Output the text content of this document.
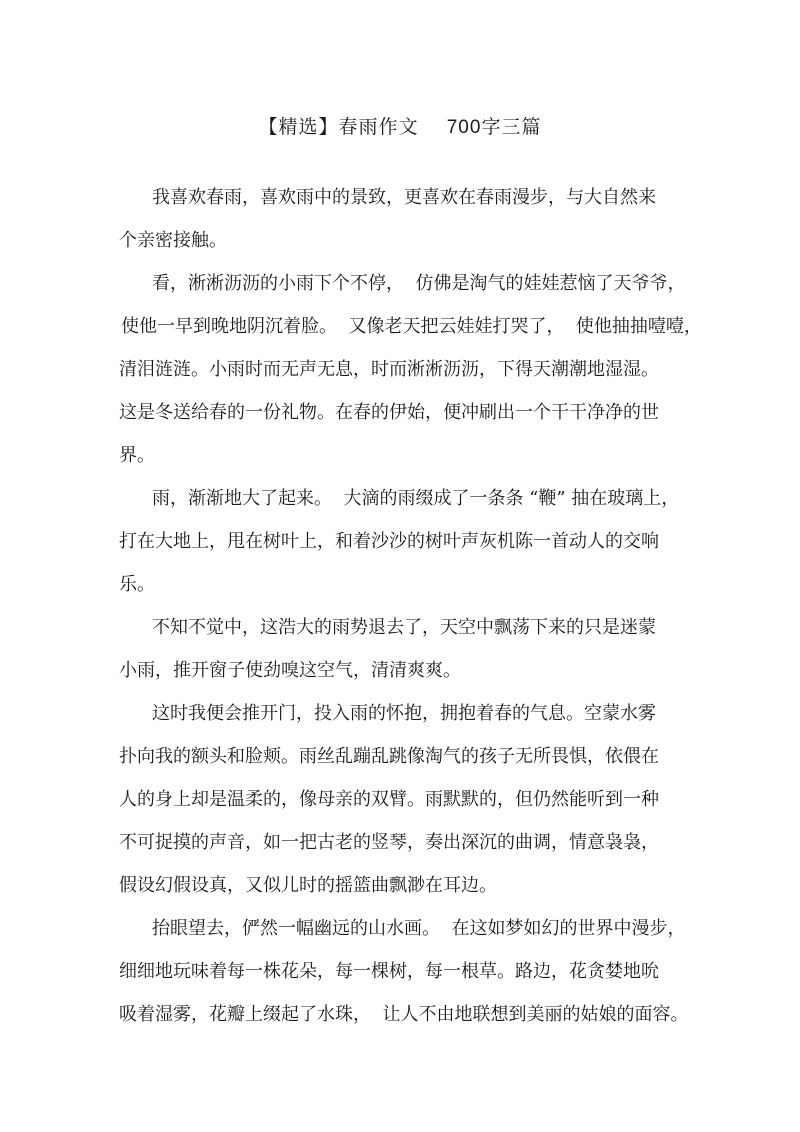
【精选】春雨作文 700字三篇
我喜欢春雨，喜欢雨中的景致，更喜欢在春雨漫步，与大自然来
个亲密接触。
看，淅淅沥沥的小雨下个不停，  仿佛是淘气的娃娃惹恼了天爷爷，
使他一早到晚地阴沉着脸。  又像老天把云娃娃打哭了，  使他抽抽噎噎，
清泪涟涟。小雨时而无声无息，时而淅淅沥沥，下得天潮潮地湿湿。
这是冬送给春的一份礼物。在春的伊始，便冲刷出一个干干净净的世
界。
雨，渐渐地大了起来。  大滴的雨缀成了一条条 “鞭” 抽在玻璃上，
打在大地上，甩在树叶上，和着沙沙的树叶声灰机陈一首动人的交响
乐。
不知不觉中，这浩大的雨势退去了，天空中飘荡下来的只是迷蒙
小雨，推开窗子使劲嗅这空气，清清爽爽。
这时我便会推开门，投入雨的怀抱，拥抱着春的气息。空蒙水雾
扑向我的额头和脸颊。雨丝乱蹦乱跳像淘气的孩子无所畏惧，依偎在
人的身上却是温柔的，像母亲的双臂。雨默默的，但仍然能听到一种
不可捉摸的声音，如一把古老的竖琴，奏出深沉的曲调，情意袅袅，
假设幻假设真，又似儿时的摇篮曲飘渺在耳边。
抬眼望去，俨然一幅幽远的山水画。  在这如梦如幻的世界中漫步，
细细地玩味着每一株花朵，每一棵树，每一根草。路边，花贪婪地吮
吸着湿雾，花瓣上缀起了水珠，  让人不由地联想到美丽的姑娘的面容。
